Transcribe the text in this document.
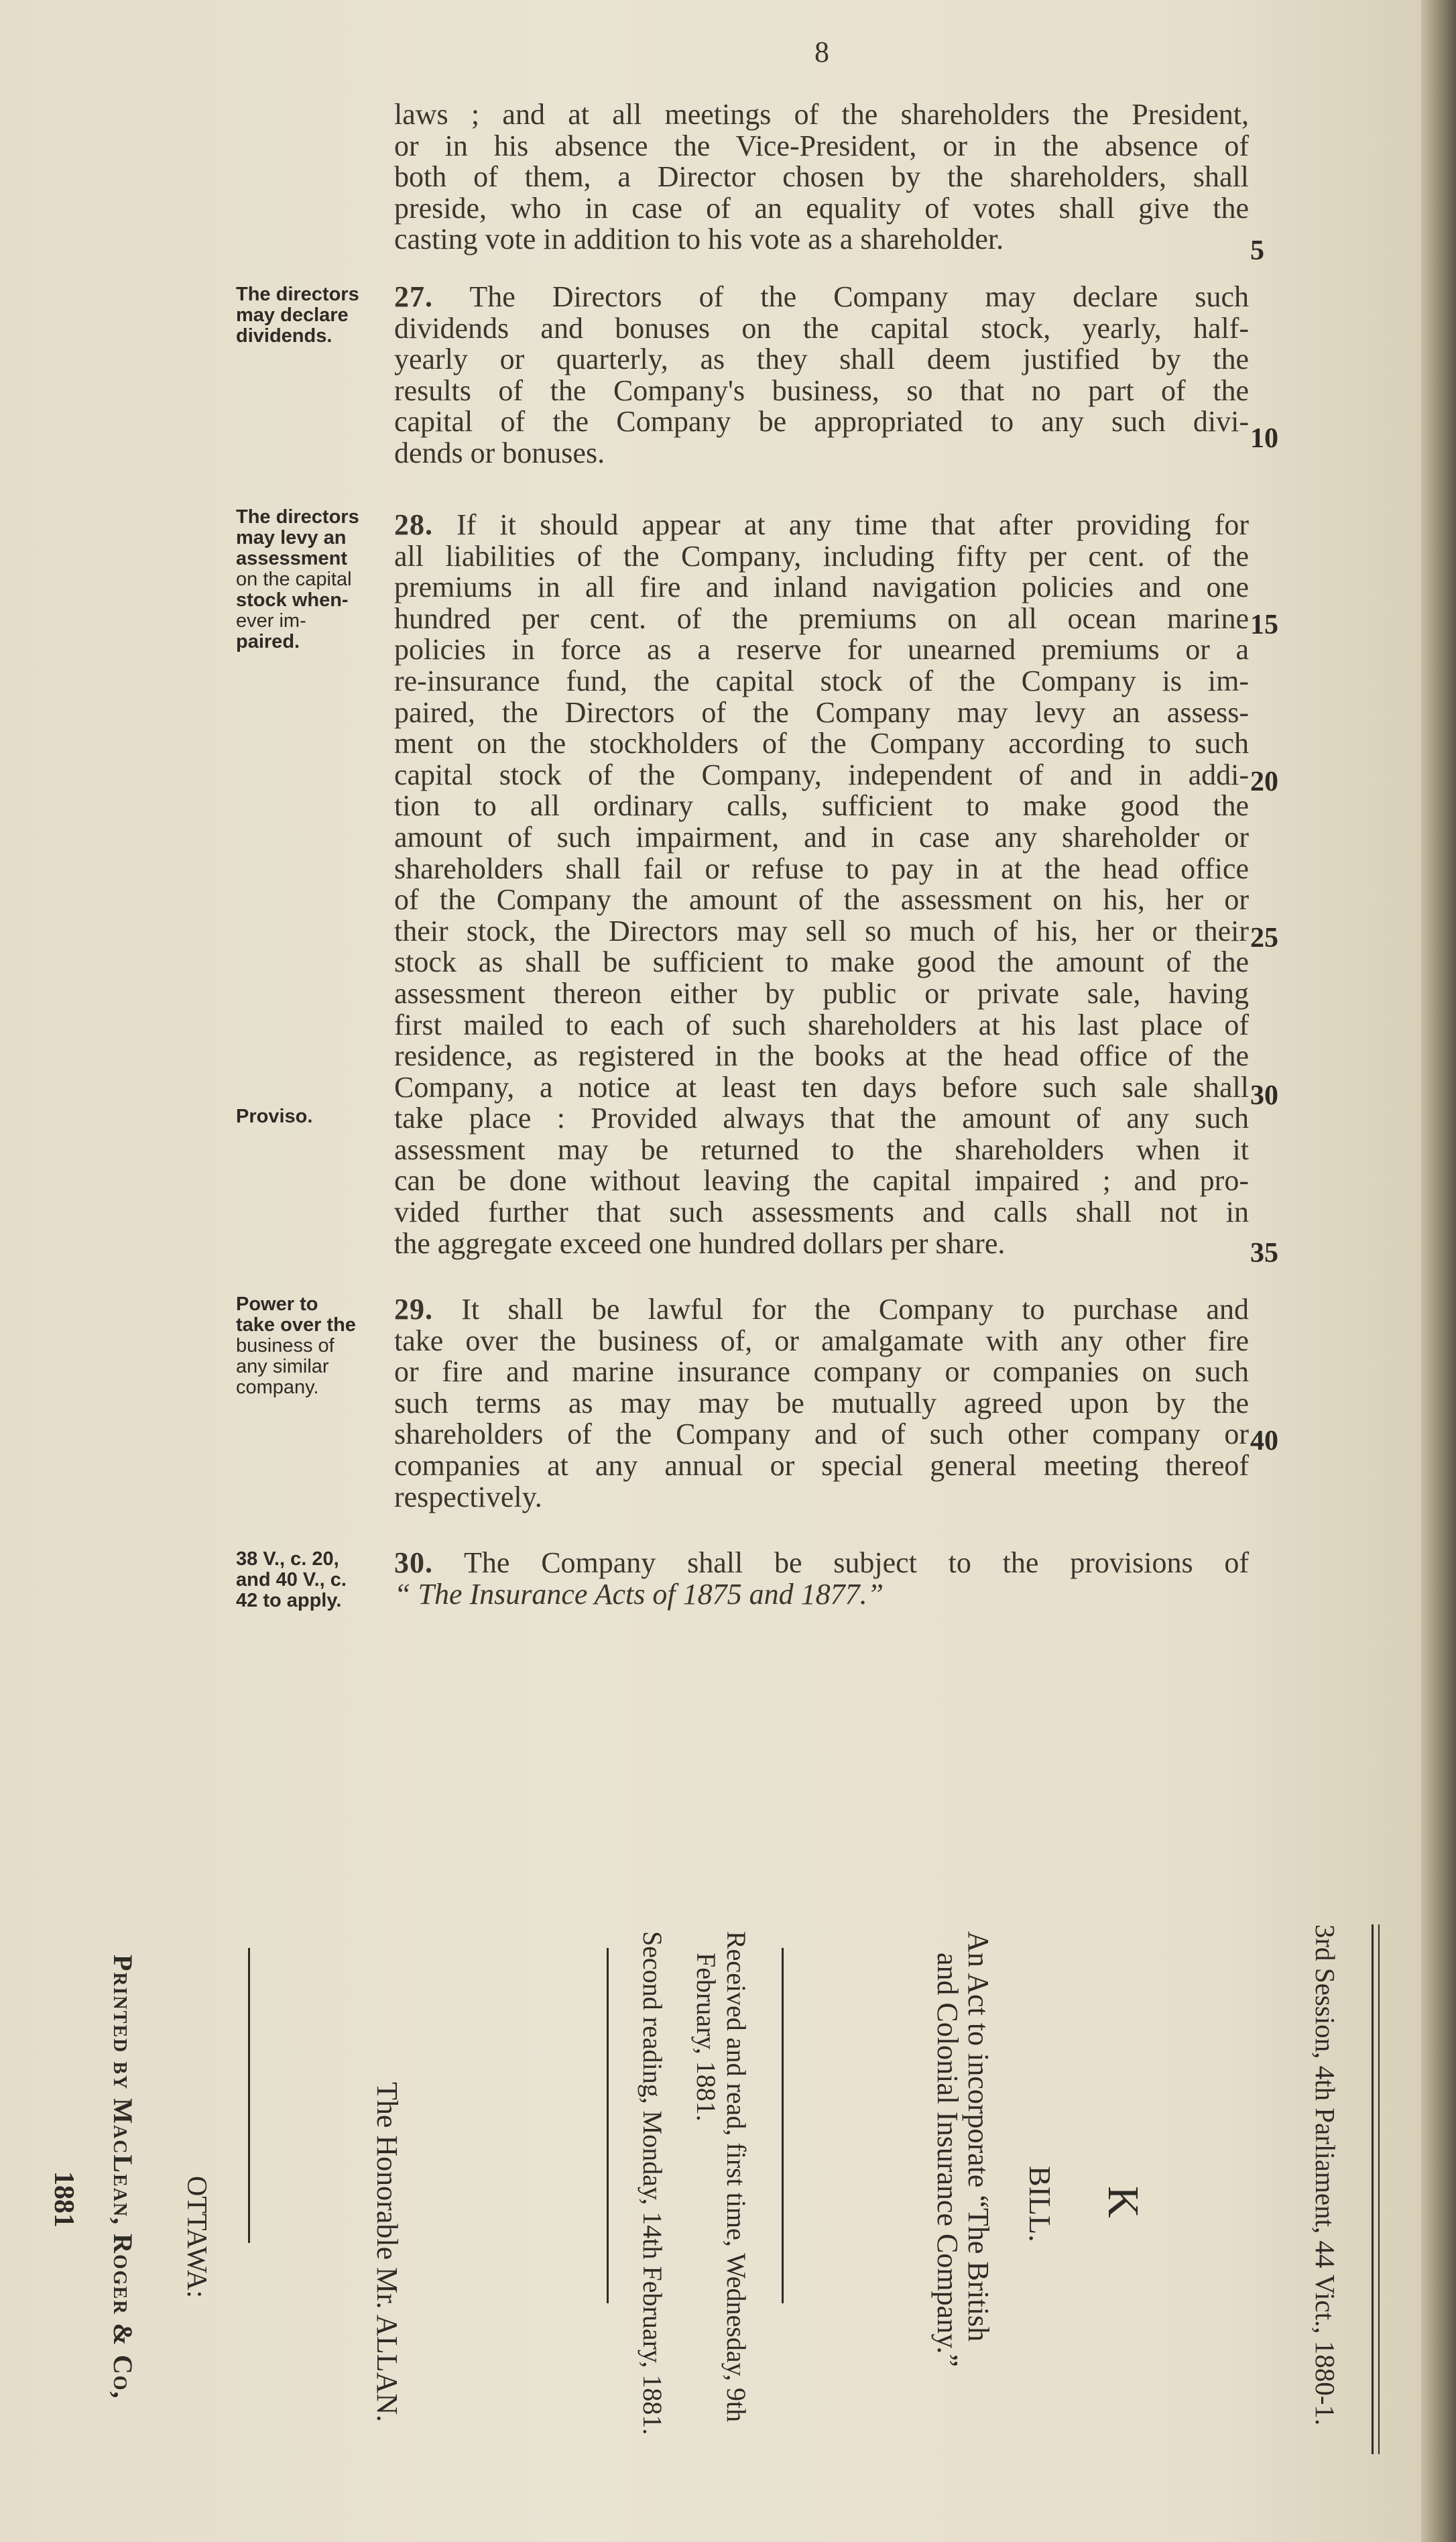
8
laws ; and at all meetings of the shareholders the President,
or in his absence the Vice-President, or in the absence of
both of them, a Director chosen by the shareholders, shall
preside, who in case of an equality of votes shall give the
casting vote in addition to his vote as a shareholder.
27. The Directors of the Company may declare such
dividends and bonuses on the capital stock, yearly, half-
yearly or quarterly, as they shall deem justified by the
results of the Company's business, so that no part of the
capital of the Company be appropriated to any such divi-
dends or bonuses.
28. If it should appear at any time that after providing for
all liabilities of the Company, including fifty per cent. of the
premiums in all fire and inland navigation policies and one
hundred per cent. of the premiums on all ocean marine
policies in force as a reserve for unearned premiums or a
re-insurance fund, the capital stock of the Company is im-
paired, the Directors of the Company may levy an assess-
ment on the stockholders of the Company according to such
capital stock of the Company, independent of and in addi-
tion to all ordinary calls, sufficient to make good the
amount of such impairment, and in case any shareholder or
shareholders shall fail or refuse to pay in at the head office
of the Company the amount of the assessment on his, her or
their stock, the Directors may sell so much of his, her or their
stock as shall be sufficient to make good the amount of the
assessment thereon either by public or private sale, having
first mailed to each of such shareholders at his last place of
residence, as registered in the books at the head office of the
Company, a notice at least ten days before such sale shall
take place : Provided always that the amount of any such
assessment may be returned to the shareholders when it
can be done without leaving the capital impaired ; and pro-
vided further that such assessments and calls shall not in
the aggregate exceed one hundred dollars per share.
29. It shall be lawful for the Company to purchase and
take over the business of, or amalgamate with any other fire
or fire and marine insurance company or companies on such
such terms as may may be mutually agreed upon by the
shareholders of the Company and of such other company or
companies at any annual or special general meeting thereof
respectively.
30. The Company shall be subject to the provisions of
“ The Insurance Acts of 1875 and 1877.”
The directors
may declare
dividends.
The directors
may levy an
assessment
on the capital
stock when-
ever im-
paired.
Proviso.
Power to
take over the
business of
any similar
company.
38 V., c. 20,
and 40 V., c.
42 to apply.
5
10
15
20
25
30
35
40
3rd Session, 4th Parliament, 44 Vict., 1880-1.
K
BILL.
An Act to incorporate “The British
and Colonial Insurance Company.”
Received and read, first time, Wednesday, 9th
February, 1881.
Second reading, Monday, 14th February, 1881.
The Honorable Mr. ALLAN.
OTTAWA:
Printed by MacLean, Roger & Co,
1881
